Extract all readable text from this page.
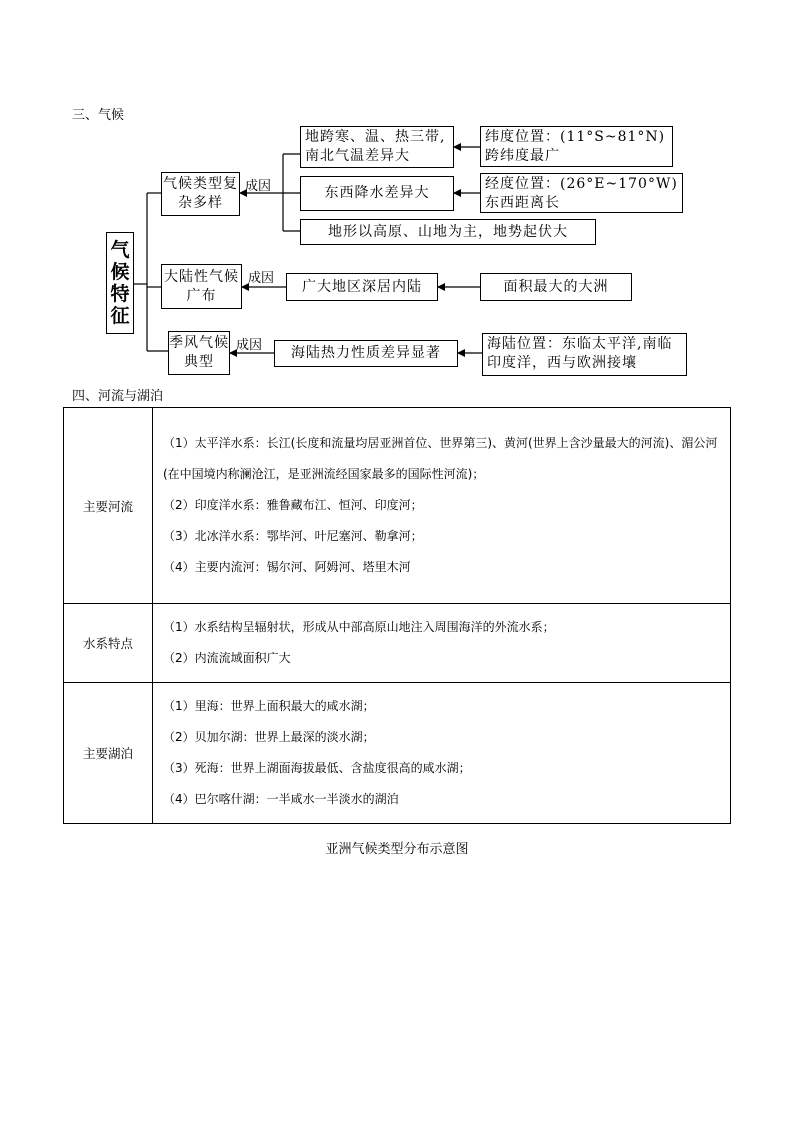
三、气候
气候特征
气候类型复杂多样
大陆性气候广布
季风气候典型
成因
成因
成因
地跨寒、温、热三带,南北气温差异大
东西降水差异大
地形以高原、山地为主，地势起伏大
纬度位置：(11°S~81°N)跨纬度最广
经度位置：(26°E~170°W)东西距离长
广大地区深居内陆	面积最大的大洲
海陆热力性质差异显著
海陆位置：东临太平洋,南临印度洋，西与欧洲接壤
四、河流与湖泊
主要河流	（1）太平洋水系：长江(长度和流量均居亚洲首位、世界第三)、黄河(世界上含沙量最大的河流)、湄公河(在中国境内称澜沧江，是亚洲流经国家最多的国际性河流)；
（2）印度洋水系：雅鲁藏布江、恒河、印度河；
（3）北冰洋水系：鄂毕河、叶尼塞河、勒拿河；
（4）主要内流河：锡尔河、阿姆河、塔里木河

水系特点	（1）水系结构呈辐射状，形成从中部高原山地注入周围海洋的外流水系；
（2）内流流域面积广大

主要湖泊	（1）里海：世界上面积最大的咸水湖；
（2）贝加尔湖：世界上最深的淡水湖；
（3）死海：世界上湖面海拔最低、含盐度很高的咸水湖；
（4）巴尔喀什湖：一半咸水一半淡水的湖泊
亚洲气候类型分布示意图
